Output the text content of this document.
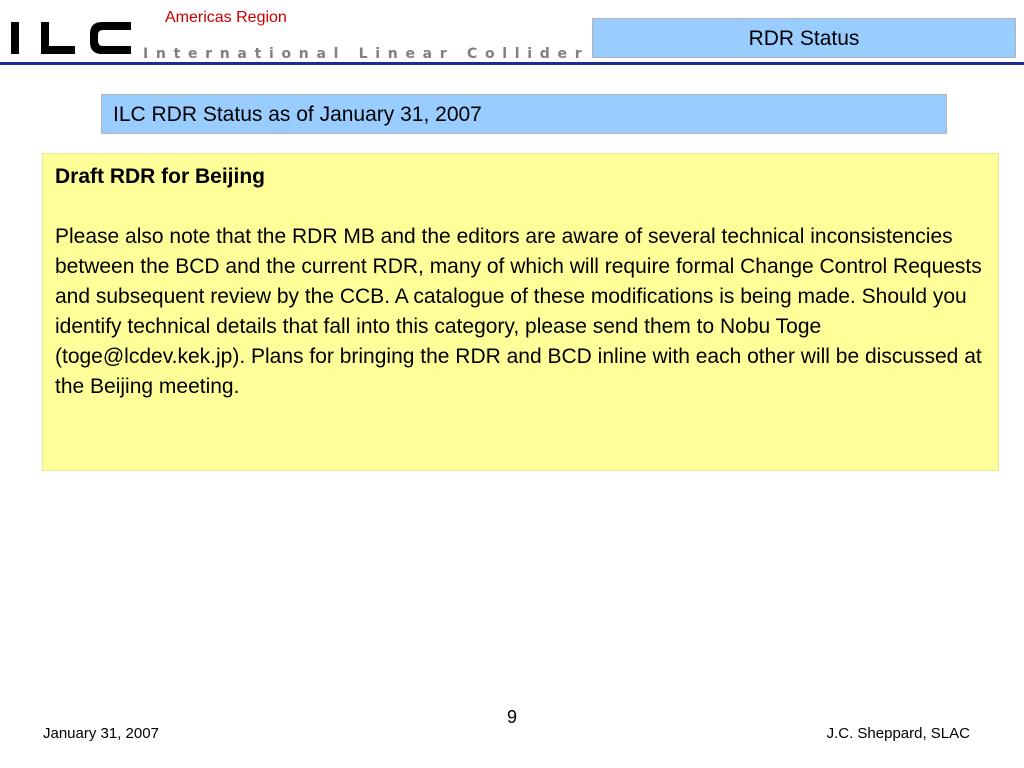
Americas Region
International Linear Collider
RDR Status
ILC RDR Status as of January 31, 2007

Draft RDR for Beijing

Please also note that the RDR MB and the editors are aware of several technical inconsistencies between the BCD and the current RDR, many of which will require formal Change Control Requests and subsequent review by the CCB. A catalogue of these modifications is being made. Should you identify technical details that fall into this category, please send them to Nobu Toge (toge@lcdev.kek.jp). Plans for bringing the RDR and BCD inline with each other will be discussed at the Beijing meeting.

9
January 31, 2007	J.C. Sheppard, SLAC
